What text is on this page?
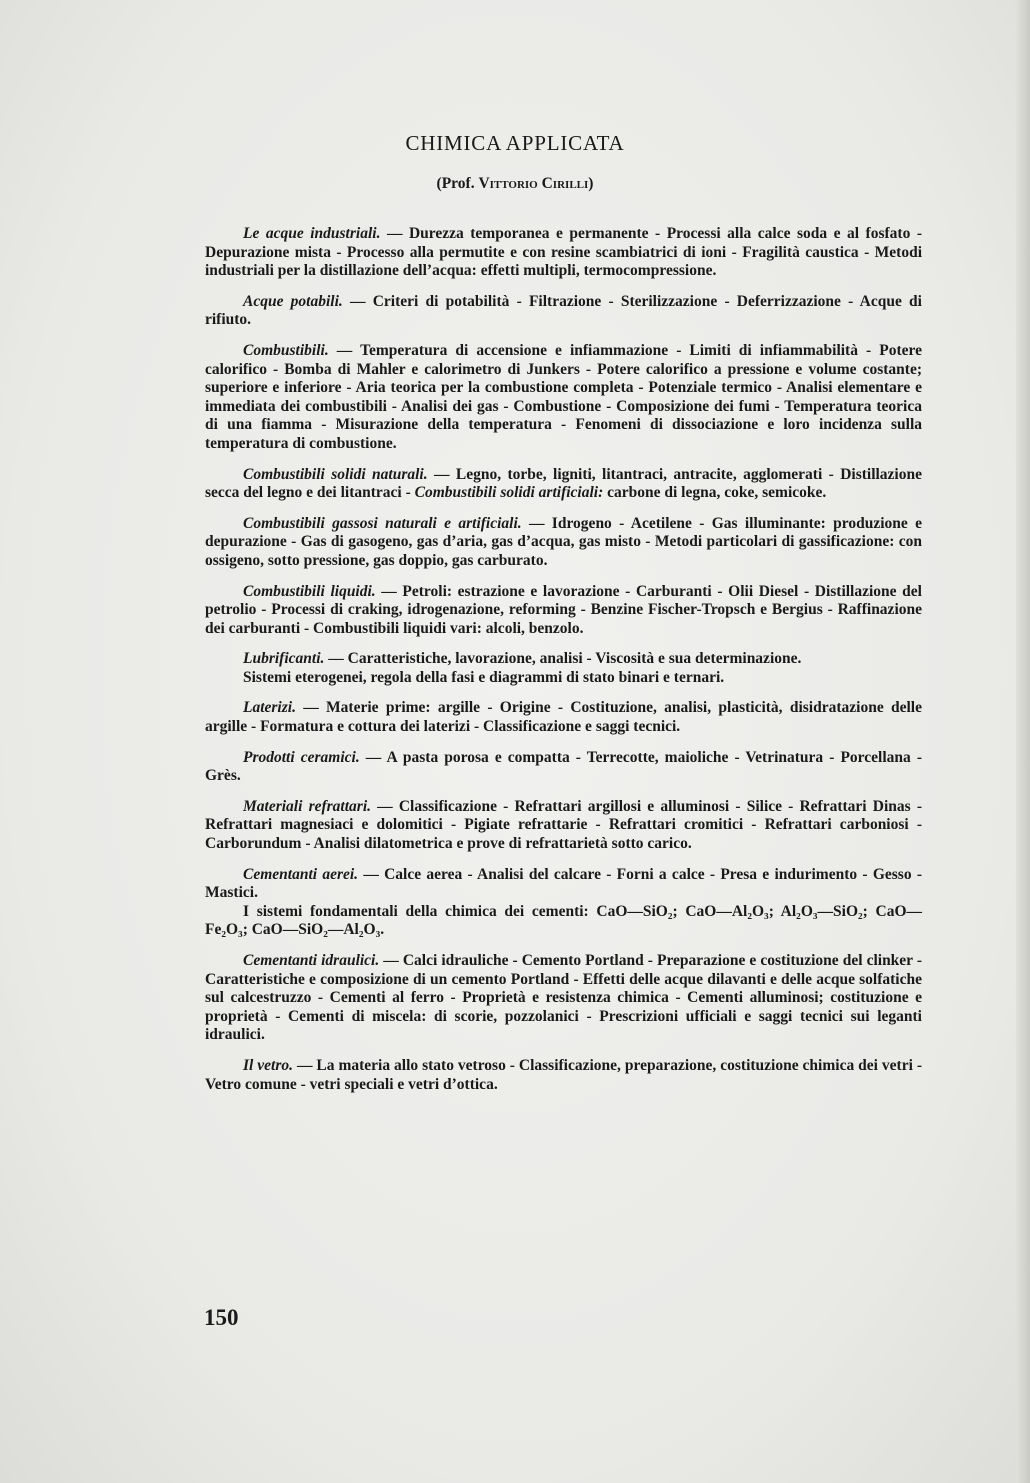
CHIMICA APPLICATA
(Prof. Vittorio Cirilli)

Le acque industriali. — Durezza temporanea e permanente - Processi alla calce soda e al fosfato - Depurazione mista - Processo alla permutite e con resine scambiatrici di ioni - Fragilità caustica - Metodi industriali per la distillazione dell’acqua: effetti multipli, termocompressione.

Acque potabili. — Criteri di potabilità - Filtrazione - Sterilizzazione - Deferrizzazione - Acque di rifiuto.

Combustibili. — Temperatura di accensione e infiammazione - Limiti di infiammabilità - Potere calorifico - Bomba di Mahler e calorimetro di Junkers - Potere calorifico a pressione e volume costante; superiore e inferiore - Aria teorica per la combustione completa - Potenziale termico - Analisi elementare e immediata dei combustibili - Analisi dei gas - Combustione - Composizione dei fumi - Temperatura teorica di una fiamma - Misurazione della temperatura - Fenomeni di dissociazione e loro incidenza sulla temperatura di combustione.

Combustibili solidi naturali. — Legno, torbe, ligniti, litantraci, antracite, agglomerati - Distillazione secca del legno e dei litantraci - Combustibili solidi artificiali: carbone di legna, coke, semicoke.

Combustibili gassosi naturali e artificiali. — Idrogeno - Acetilene - Gas illuminante: produzione e depurazione - Gas di gasogeno, gas d’aria, gas d’acqua, gas misto - Metodi particolari di gassificazione: con ossigeno, sotto pressione, gas doppio, gas carburato.

Combustibili liquidi. — Petroli: estrazione e lavorazione - Carburanti - Olii Diesel - Distillazione del petrolio - Processi di craking, idrogenazione, reforming - Benzine Fischer-Tropsch e Bergius - Raffinazione dei carburanti - Combustibili liquidi vari: alcoli, benzolo.

Lubrificanti. — Caratteristiche, lavorazione, analisi - Viscosità e sua determinazione.

Sistemi eterogenei, regola della fasi e diagrammi di stato binari e ternari.

Laterizi. — Materie prime: argille - Origine - Costituzione, analisi, plasticità, disidratazione delle argille - Formatura e cottura dei laterizi - Classificazione e saggi tecnici.

Prodotti ceramici. — A pasta porosa e compatta - Terrecotte, maioliche - Vetrinatura - Porcellana - Grès.

Materiali refrattari. — Classificazione - Refrattari argillosi e alluminosi - Silice - Refrattari Dinas - Refrattari magnesiaci e dolomitici - Pigiate refrattarie - Refrattari cromitici - Refrattari carboniosi - Carborundum - Analisi dilatometrica e prove di refrattarietà sotto carico.

Cementanti aerei. — Calce aerea - Analisi del calcare - Forni a calce - Presa e indurimento - Gesso - Mastici.

I sistemi fondamentali della chimica dei cementi: CaO—SiO₂; CaO—Al₂O₃; Al₂O₃—SiO₂; CaO—Fe₂O₃; CaO—SiO₂—Al₂O₃.

Cementanti idraulici. — Calci idrauliche - Cemento Portland - Preparazione e costituzione del clinker - Caratteristiche e composizione di un cemento Portland - Effetti delle acque dilavanti e delle acque solfatiche sul calcestruzzo - Cementi al ferro - Proprietà e resistenza chimica - Cementi alluminosi; costituzione e proprietà - Cementi di miscela: di scorie, pozzolanici - Prescrizioni ufficiali e saggi tecnici sui leganti idraulici.

Il vetro. — La materia allo stato vetroso - Classificazione, preparazione, costituzione chimica dei vetri - Vetro comune - vetri speciali e vetri d’ottica.

150
